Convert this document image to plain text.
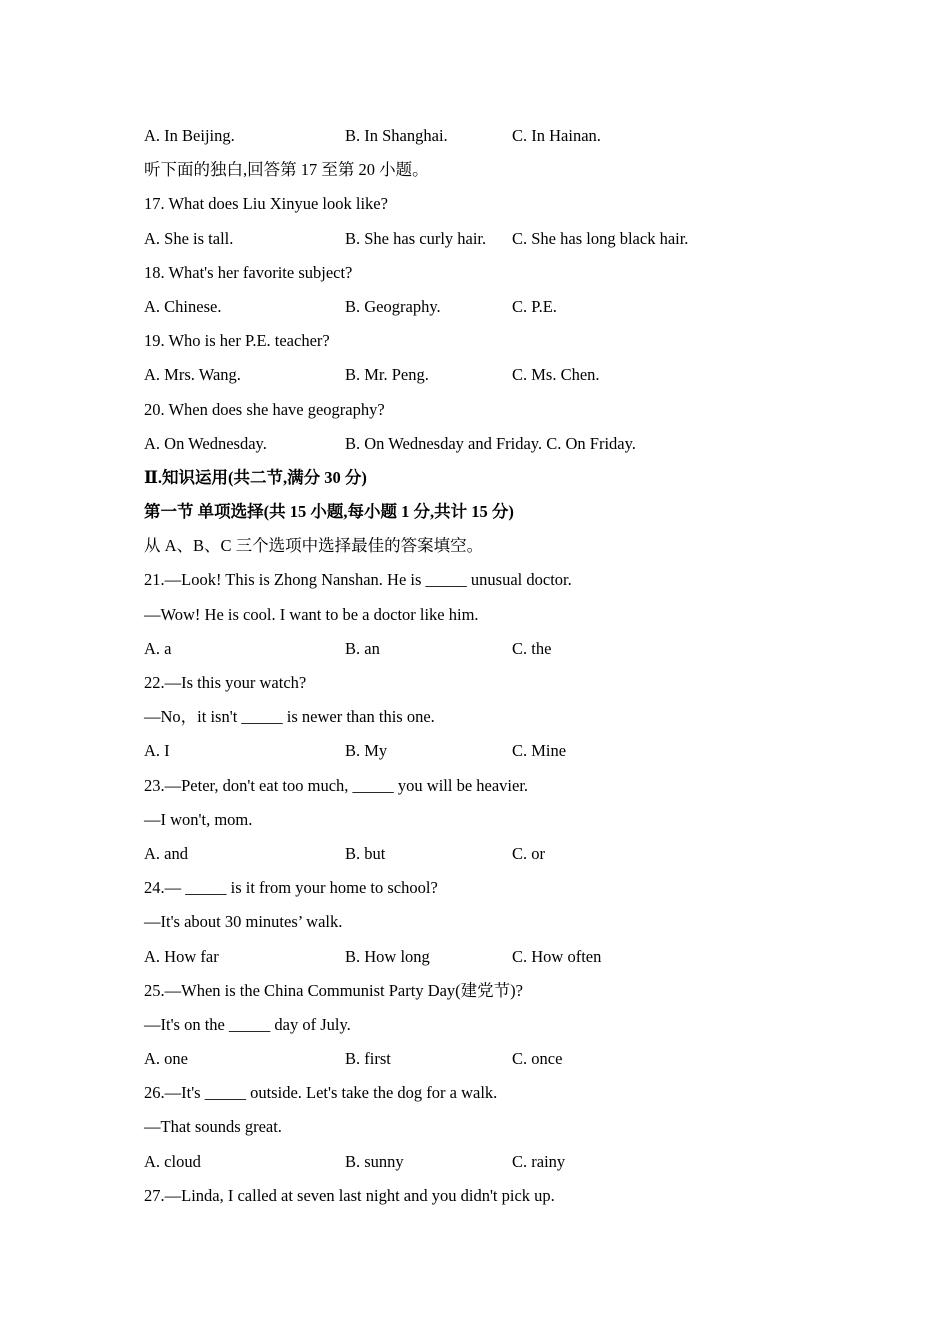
A. In Beijing.	B. In Shanghai.	C. In Hainan.
听下面的独白,回答第 17 至第 20 小题。
17. What does Liu Xinyue look like?
A. She is tall.	B. She has curly hair. C. She has long black hair.
18. What's her favorite subject?
A. Chinese.	B. Geography.	C. P.E.
19. Who is her P.E. teacher?
A. Mrs. Wang.	B. Mr. Peng.	C. Ms. Chen.
20. When does she have geography?
A. On Wednesday.	B. On Wednesday and Friday. C. On Friday.
Ⅱ.知识运用(共二节,满分 30 分)
第一节 单项选择(共 15 小题,每小题 1 分,共计 15 分)
从 A、B、C 三个选项中选择最佳的答案填空。
21.—Look! This is Zhong Nanshan. He is _____ unusual doctor.
—Wow! He is cool. I want to be a doctor like him.
A. a	B. an	C. the
22.—Is this your watch?
—No，it isn't _____ is newer than this one.
A. I	B. My	C. Mine
23.—Peter, don't eat too much, _____ you will be heavier.
—I won't, mom.
A. and	B. but	C. or
24.— _____ is it from your home to school?
—It's about 30 minutes’ walk.
A. How far	B. How long	C. How often
25.—When is the China Communist Party Day(建党节)?
—It's on the _____ day of July.
A. one	B. first	C. once
26.—It's _____ outside. Let's take the dog for a walk.
—That sounds great.
A. cloud	B. sunny	C. rainy
27.—Linda, I called at seven last night and you didn't pick up.
